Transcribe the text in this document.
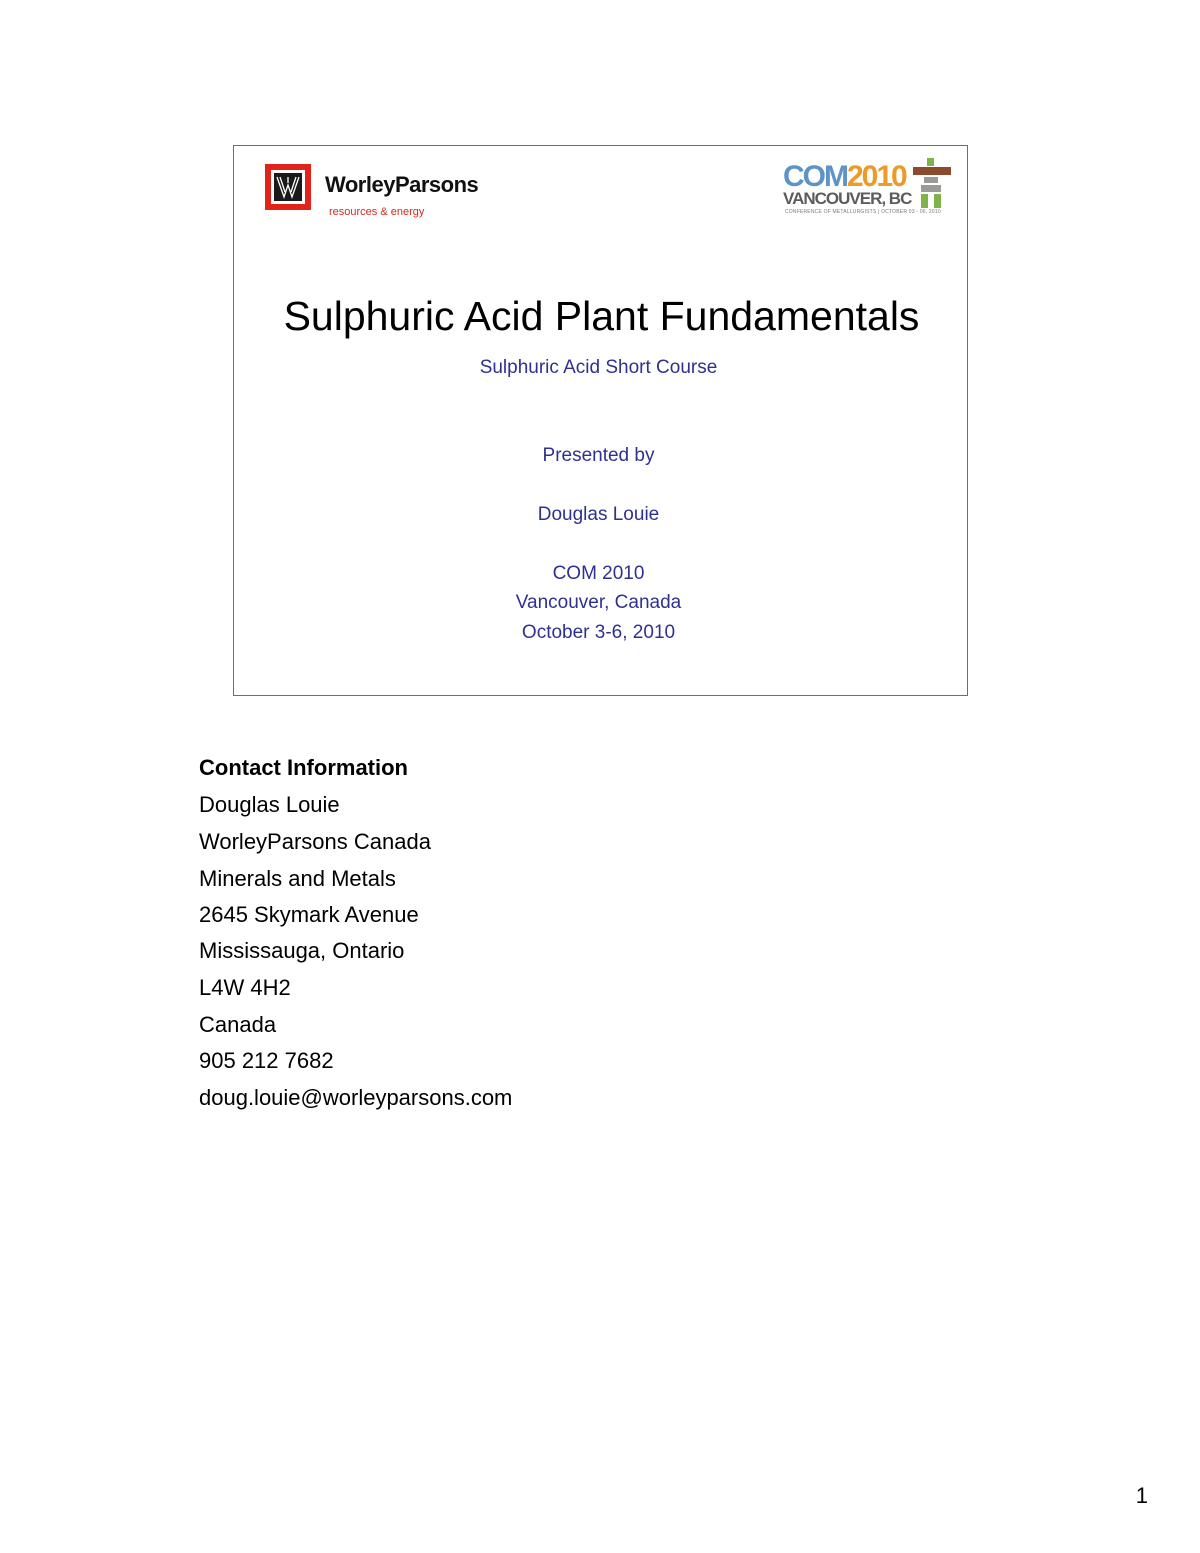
WorleyParsons
resources & energy
COM2010
VANCOUVER, BC
CONFERENCE OF METALLURGISTS | OCTOBER 03 - 06, 2010
Sulphuric Acid Plant Fundamentals
Sulphuric Acid Short Course
Presented by
Douglas Louie
COM 2010
Vancouver, Canada
October 3-6, 2010
Contact Information
Douglas Louie
WorleyParsons Canada
Minerals and Metals
2645 Skymark Avenue
Mississauga, Ontario
L4W 4H2
Canada
905 212 7682
doug.louie@worleyparsons.com
1
